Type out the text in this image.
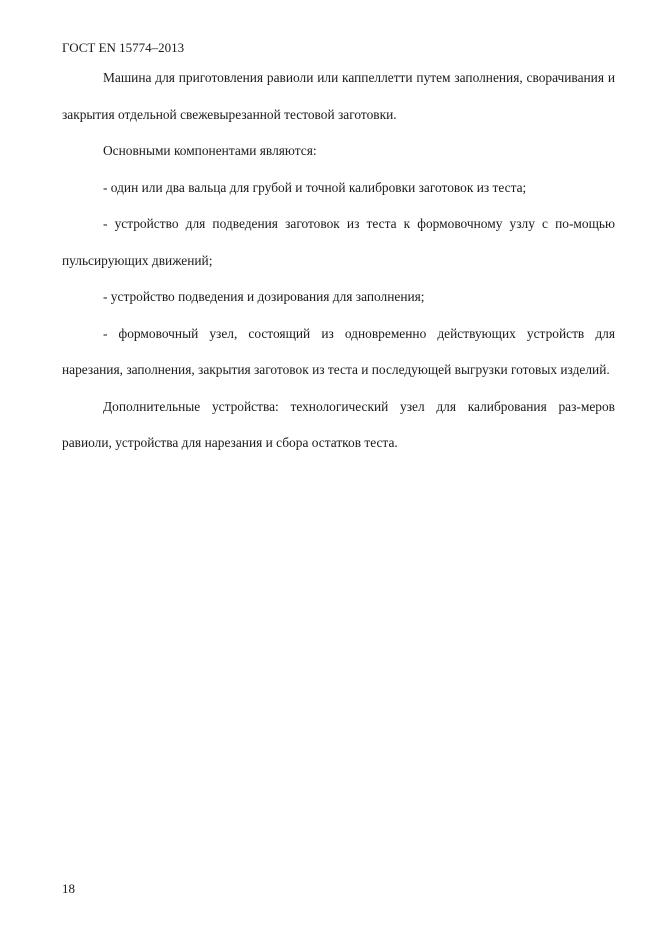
ГОСТ EN 15774–2013

Машина для приготовления равиоли или каппеллетти путем заполнения, сворачивания и закрытия отдельной свежевырезанной тестовой заготовки.

Основными компонентами являются:

- один или два вальца для грубой и точной калибровки заготовок из теста;

- устройство для подведения заготовок из теста к формовочному узлу с по-мощью пульсирующих движений;

- устройство подведения и дозирования для заполнения;

- формовочный узел, состоящий из одновременно действующих устройств для нарезания, заполнения, закрытия заготовок из теста и последующей выгрузки готовых изделий.

Дополнительные устройства: технологический узел для калибрования раз-меров равиоли, устройства для нарезания и сбора остатков теста.

18
